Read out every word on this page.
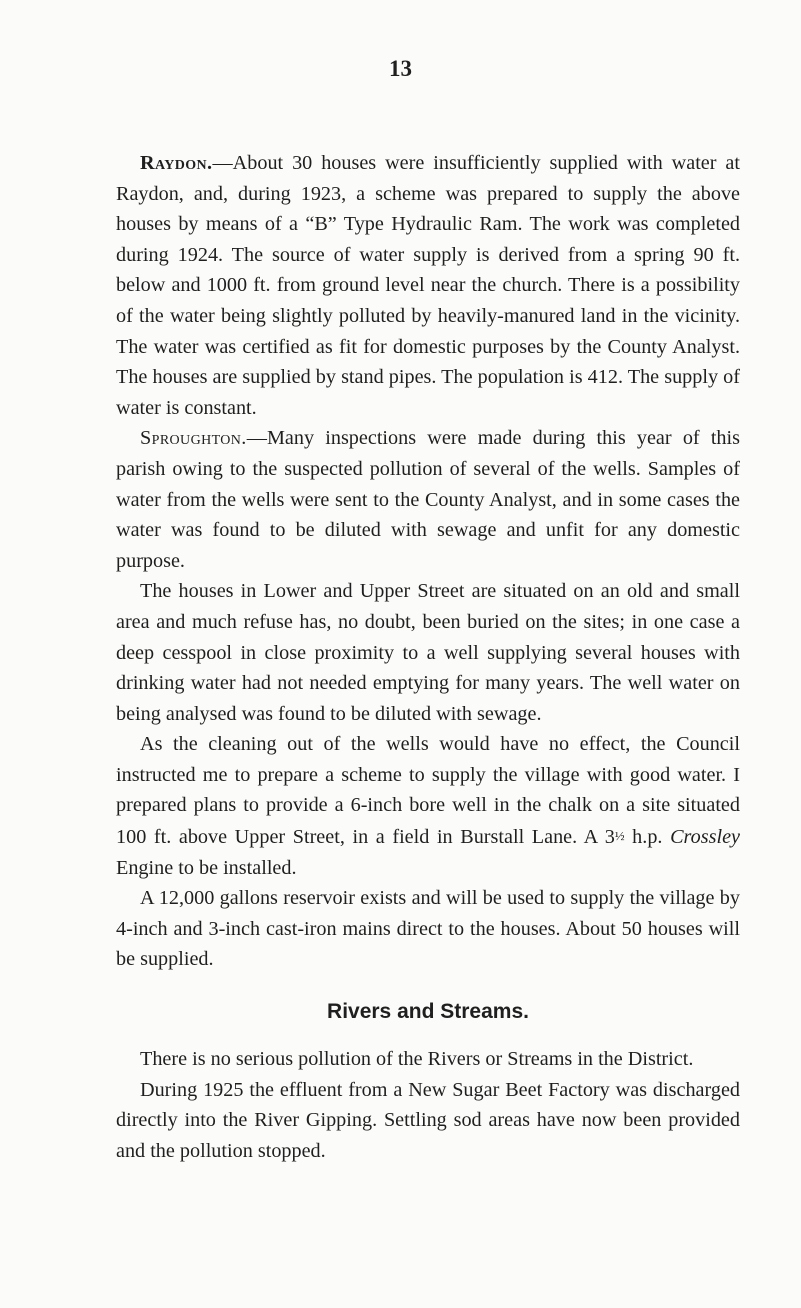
13

Raydon.—About 30 houses were insufficiently supplied with water at Raydon, and, during 1923, a scheme was prepared to supply the above houses by means of a “B” Type Hydraulic Ram. The work was completed during 1924. The source of water supply is derived from a spring 90 ft. below and 1000 ft. from ground level near the church. There is a possibility of the water being slightly polluted by heavily-manured land in the vicinity. The water was certified as fit for domestic purposes by the County Analyst. The houses are supplied by stand pipes. The population is 412. The supply of water is constant.

Sproughton.—Many inspections were made during this year of this parish owing to the suspected pollution of several of the wells. Samples of water from the wells were sent to the County Analyst, and in some cases the water was found to be diluted with sewage and unfit for any domestic purpose.

The houses in Lower and Upper Street are situated on an old and small area and much refuse has, no doubt, been buried on the sites; in one case a deep cesspool in close proximity to a well supplying several houses with drinking water had not needed emptying for many years. The well water on being analysed was found to be diluted with sewage.

As the cleaning out of the wells would have no effect, the Council instructed me to prepare a scheme to supply the village with good water. I prepared plans to provide a 6-inch bore well in the chalk on a site situated 100 ft. above Upper Street, in a field in Burstall Lane. A 3½ h.p. Crossley Engine to be installed.

A 12,000 gallons reservoir exists and will be used to supply the village by 4-inch and 3-inch cast-iron mains direct to the houses. About 50 houses will be supplied.

Rivers and Streams.

There is no serious pollution of the Rivers or Streams in the District.

During 1925 the effluent from a New Sugar Beet Factory was discharged directly into the River Gipping. Settling sod areas have now been provided and the pollution stopped.
